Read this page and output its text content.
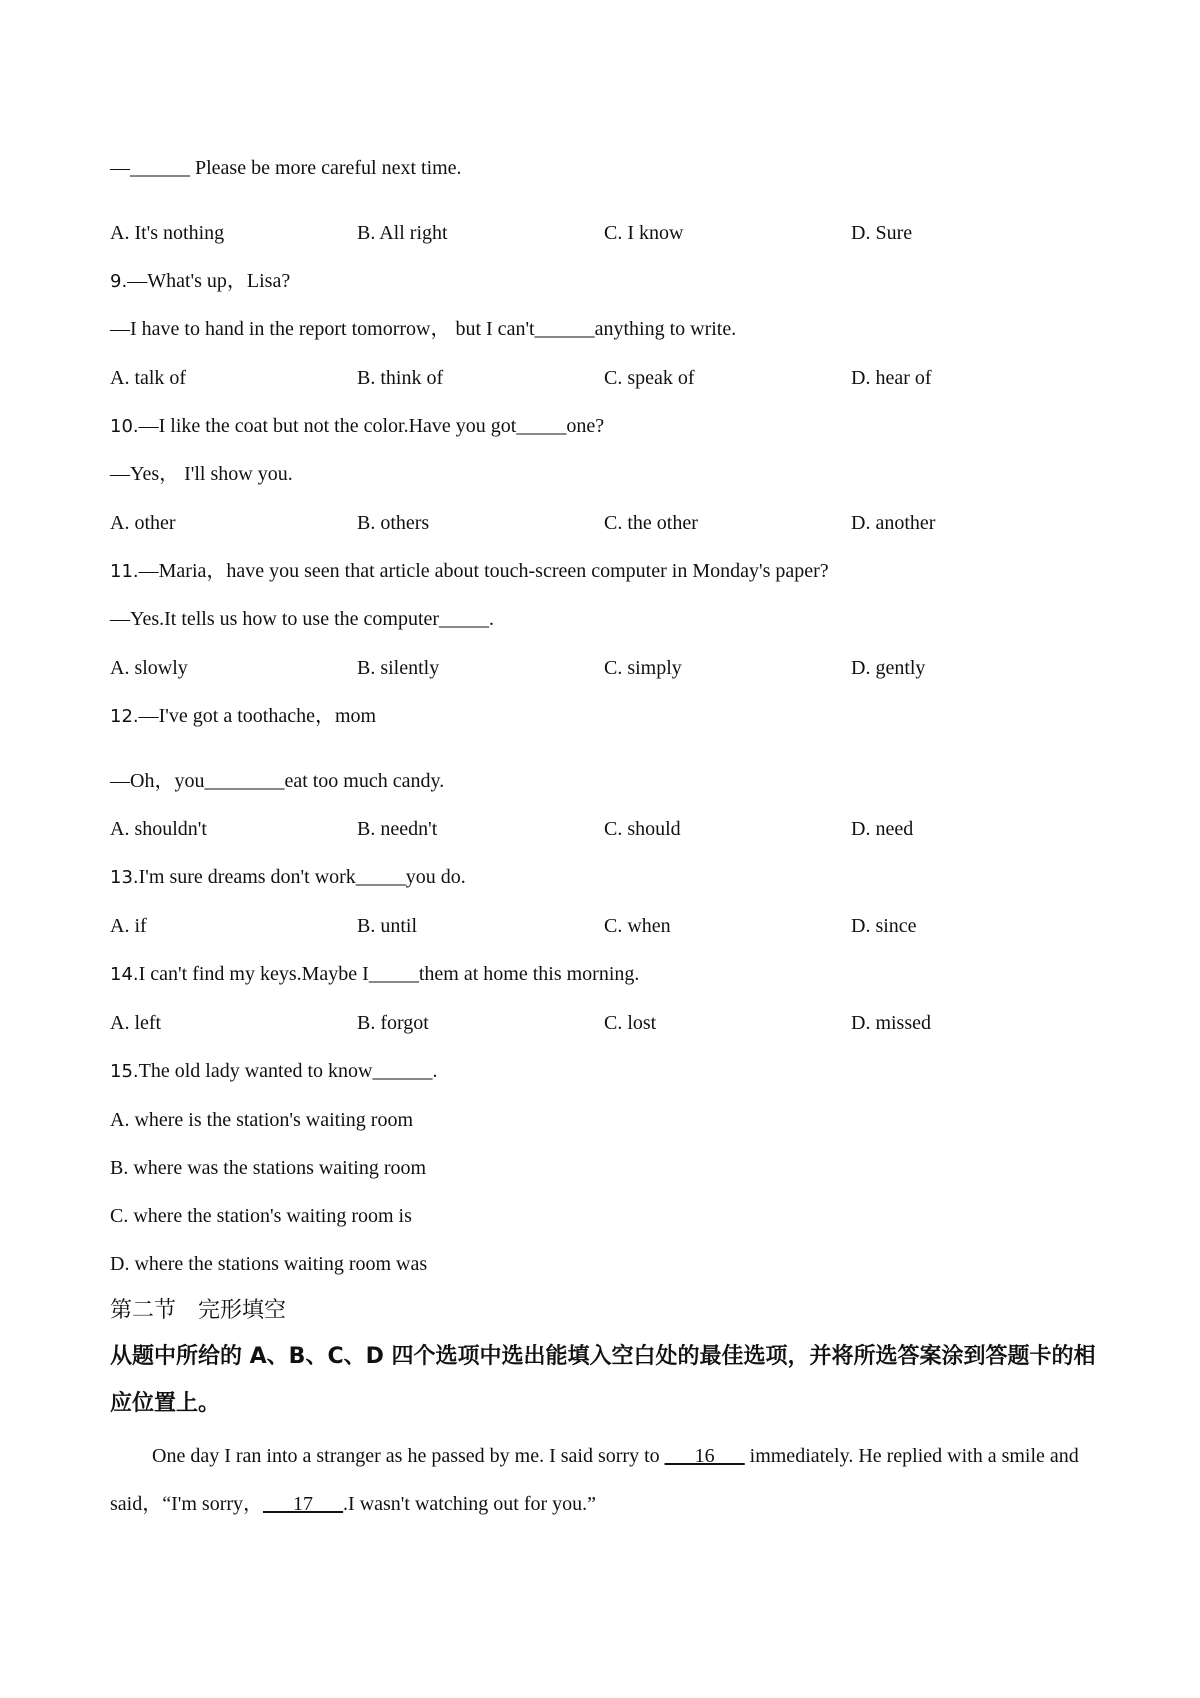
—______ Please be more careful next time.
A. It's nothing	B. All right	C. I know	D. Sure
9.—What's up，Lisa?
—I have to hand in the report tomorrow， but I can't______anything to write.
A. talk of	B. think of	C. speak of	D. hear of
10.—I like the coat but not the color.Have you got_____one?
—Yes， I'll show you.
A. other	B. others	C. the other	D. another
11.—Maria，have you seen that article about touch-screen computer in Monday's paper?
—Yes.It tells us how to use the computer_____.
A. slowly	B. silently	C. simply	D. gently
12.—I've got a toothache，mom
—Oh，you________eat too much candy.
A. shouldn't	B. needn't	C. should	D. need
13.I'm sure dreams don't work_____you do.
A. if	B. until	C. when	D. since
14.I can't find my keys.Maybe I_____them at home this morning.
A. left	B. forgot	C. lost	D. missed
15.The old lady wanted to know______.
A. where is the station's waiting room
B. where was the stations waiting room
C. where the station's waiting room is
D. where the stations waiting room was
第二节　完形填空
从题中所给的 A、B、C、D 四个选项中选出能填入空白处的最佳选项，并将所选答案涂到答题卡的相应位置上。
One day I ran into a stranger as he passed by me. I said sorry to ___16___ immediately. He replied with a smile and said，“I'm sorry，___17___.I wasn't watching out for you.”
